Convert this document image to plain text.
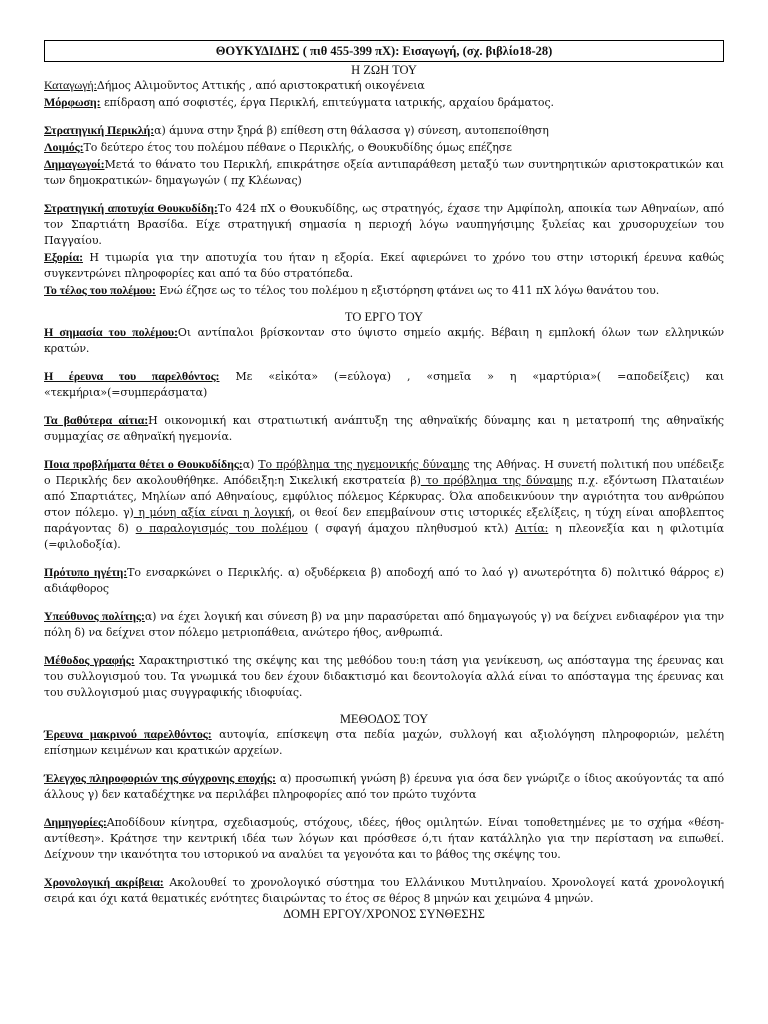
ΘΟΥΚΥΔΙΔΗΣ ( πιθ 455-399 πΧ): Εισαγωγή, (σχ. βιβλίο18-28)
Η ΖΩΗ ΤΟΥ

Καταγωγή:Δήμος Αλιμοῦντος Αττικής , από αριστοκρατική οικογένεια

Μόρφωση: επίδραση από σοφιστές, έργα Περικλή, επιτεύγματα ιατρικής, αρχαίου δράματος.

Στρατηγική Περικλή:α) άμυνα στην ξηρά β) επίθεση στη θάλασσα γ) σύνεση, αυτοπεποίθηση

Λοιμός:Το δεύτερο έτος του πολέμου πέθανε ο Περικλής, ο Θουκυδίδης όμως επέζησε

Δημαγωγοί:Μετά το θάνατο του Περικλή, επικράτησε οξεία αντιπαράθεση μεταξύ των συντηρητικών αριστοκρατικών και των δημοκρατικών- δημαγωγών ( πχ Κλέωνας)

Στρατηγική αποτυχία Θουκυδίδη:Το 424 πΧ ο Θουκυδίδης, ως στρατηγός, έχασε την Αμφίπολη, αποικία των Αθηναίων, από τον Σπαρτιάτη Βρασίδα. Είχε στρατηγική σημασία η περιοχή λόγω ναυπηγήσιμης ξυλείας και χρυσορυχείων του Παγγαίου.

Εξορία: Η τιμωρία για την αποτυχία του ήταν η εξορία. Εκεί αφιερώνει το χρόνο του στην ιστορική έρευνα καθώς συγκεντρώνει πληροφορίες και από τα δύο στρατόπεδα.

Το τέλος του πολέμου: Ενώ έζησε ως το τέλος του πολέμου η εξιστόρηση φτάνει ως το 411 πΧ λόγω θανάτου του.

ΤΟ ΕΡΓΟ ΤΟΥ

Η σημασία του πολέμου:Οι αντίπαλοι βρίσκονταν στο ύψιστο σημείο ακμής. Βέβαιη η εμπλοκή όλων των ελληνικών κρατών.

Η έρευνα του παρελθόντος: Με «εἰκότα» (=εύλογα) , «σημεῖα » η «μαρτύρια»( =αποδείξεις) και «τεκμήρια»(=συμπεράσματα)

Τα βαθύτερα αίτια:Η οικονομική και στρατιωτική ανάπτυξη της αθηναϊκής δύναμης και η μετατροπή της αθηναϊκής συμμαχίας σε αθηναϊκή ηγεμονία.

Ποια προβλήματα θέτει ο Θουκυδίδης:α) Το πρόβλημα της ηγεμονικής δύναμης της Αθήνας. Η συνετή πολιτική που υπέδειξε ο Περικλής δεν ακολουθήθηκε. Απόδειξη:η Σικελική εκστρατεία β) το πρόβλημα της δύναμης π.χ. εξόντωση Πλαταιέων από Σπαρτιάτες, Μηλίων από Αθηναίους, εμφύλιος πόλεμος Κέρκυρας. Όλα αποδεικνύουν την αγριότητα του ανθρώπου στον πόλεμο. γ) η μόνη αξία είναι η λογική, οι θεοί δεν επεμβαίνουν στις ιστορικές εξελίξεις, η τύχη είναι αποβλεπτος παράγοντας δ) ο παραλογισμός του πολέμου ( σφαγή άμαχου πληθυσμού κτλ) Αιτία: η πλεονεξία και η φιλοτιμία (=φιλοδοξία).

Πρότυπο ηγέτη:Το ενσαρκώνει ο Περικλής. α) οξυδέρκεια β) αποδοχή από το λαό γ) ανωτερότητα δ) πολιτικό θάρρος ε) αδιάφθορος

Υπεύθυνος πολίτης:α) να έχει λογική και σύνεση β) να μην παρασύρεται από δημαγωγούς γ) να δείχνει ενδιαφέρον για την πόλη δ) να δείχνει στον πόλεμο μετριοπάθεια, ανώτερο ήθος, ανθρωπιά.

Μέθοδος γραφής: Χαρακτηριστικό της σκέψης και της μεθόδου του:η τάση για γενίκευση, ως απόσταγμα της έρευνας και του συλλογισμού του. Τα γνωμικά του δεν έχουν διδακτισμό και δεοντολογία αλλά είναι το απόσταγμα της έρευνας και του συλλογισμού μιας συγγραφικής ιδιοφυίας.

ΜΕΘΟΔΟΣ ΤΟΥ

Έρευνα μακρινού παρελθόντος: αυτοψία, επίσκεψη στα πεδία μαχών, συλλογή και αξιολόγηση πληροφοριών, μελέτη επίσημων κειμένων και κρατικών αρχείων.

Έλεγχος πληροφοριών της σύγχρονης εποχής: α) προσωπική γνώση β) έρευνα για όσα δεν γνώριζε ο ίδιος ακούγοντάς τα από άλλους γ) δεν καταδέχτηκε να περιλάβει πληροφορίες από τον πρώτο τυχόντα

Δημηγορίες:Αποδίδουν κίνητρα, σχεδιασμούς, στόχους, ιδέες, ήθος ομιλητών. Είναι τοποθετημένες με το σχήμα «θέση-αντίθεση». Κράτησε την κεντρική ιδέα των λόγων και πρόσθεσε ό,τι ήταν κατάλληλο για την περίσταση να ειπωθεί. Δείχνουν την ικανότητα του ιστορικού να αναλύει τα γεγονότα και το βάθος της σκέψης του.

Χρονολογική ακρίβεια: Ακολουθεί το χρονολογικό σύστημα του Ελλάνικου Μυτιληναίου. Χρονολογεί κατά χρονολογική σειρά και όχι κατά θεματικές ενότητες διαιρώντας το έτος σε θέρος 8 μηνών και χειμώνα 4 μηνών.

ΔΟΜΗ ΕΡΓΟΥ/ΧΡΟΝΟΣ ΣΥΝΘΕΣΗΣ
